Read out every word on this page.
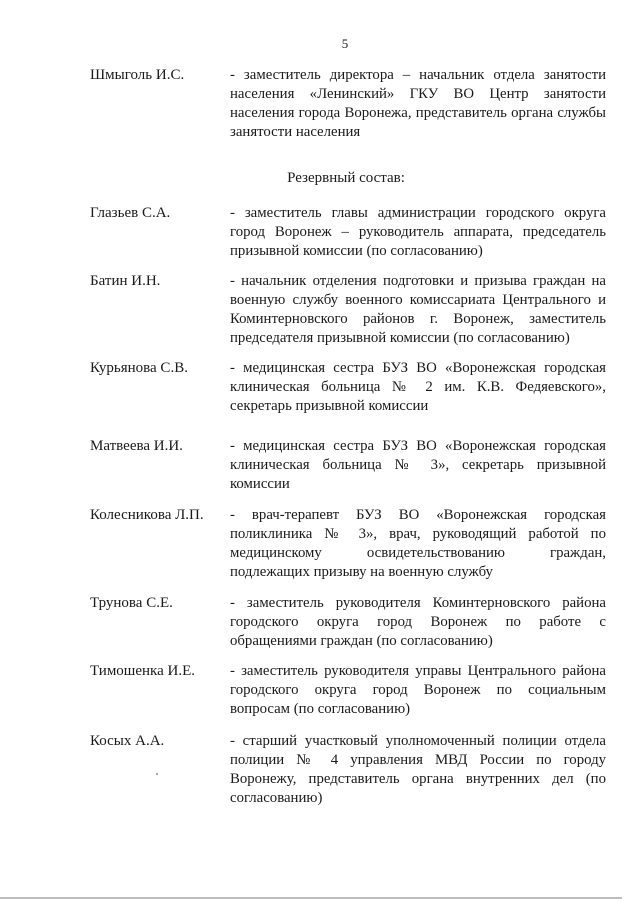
5
Шмыголь И.С.	- заместитель директора – начальник отдела занятости населения «Ленинский» ГКУ ВО Центр занятости населения города Воронежа, представитель органа службы занятости населения
Резервный состав:
Глазьев С.А.	- заместитель главы администрации городского округа город Воронеж – руководитель аппарата, председатель призывной комиссии (по согласованию)
Батин И.Н.	- начальник отделения подготовки и призыва граждан на военную службу военного комиссариата Центрального и Коминтерновского районов г. Воронеж, заместитель председателя призывной комиссии (по согласованию)
Курьянова С.В.	- медицинская сестра БУЗ ВО «Воронежская городская клиническая больница № 2 им. К.В. Федяевского», секретарь призывной комиссии
Матвеева И.И.	- медицинская сестра БУЗ ВО «Воронежская городская клиническая больница № 3», секретарь призывной комиссии
Колесникова Л.П.	- врач-терапевт БУЗ ВО «Воронежская городская поликлиника № 3», врач, руководящий работой по медицинскому освидетельствованию граждан, подлежащих призыву на военную службу
Трунова С.Е.	- заместитель руководителя Коминтерновского района городского округа город Воронеж по работе с обращениями граждан (по согласованию)
Тимошенка И.Е.	- заместитель руководителя управы Центрального района городского округа город Воронеж по социальным вопросам (по согласованию)
Косых А.А.	- старший участковый уполномоченный полиции отдела полиции № 4 управления МВД России по городу Воронежу, представитель органа внутренних дел (по согласованию)
